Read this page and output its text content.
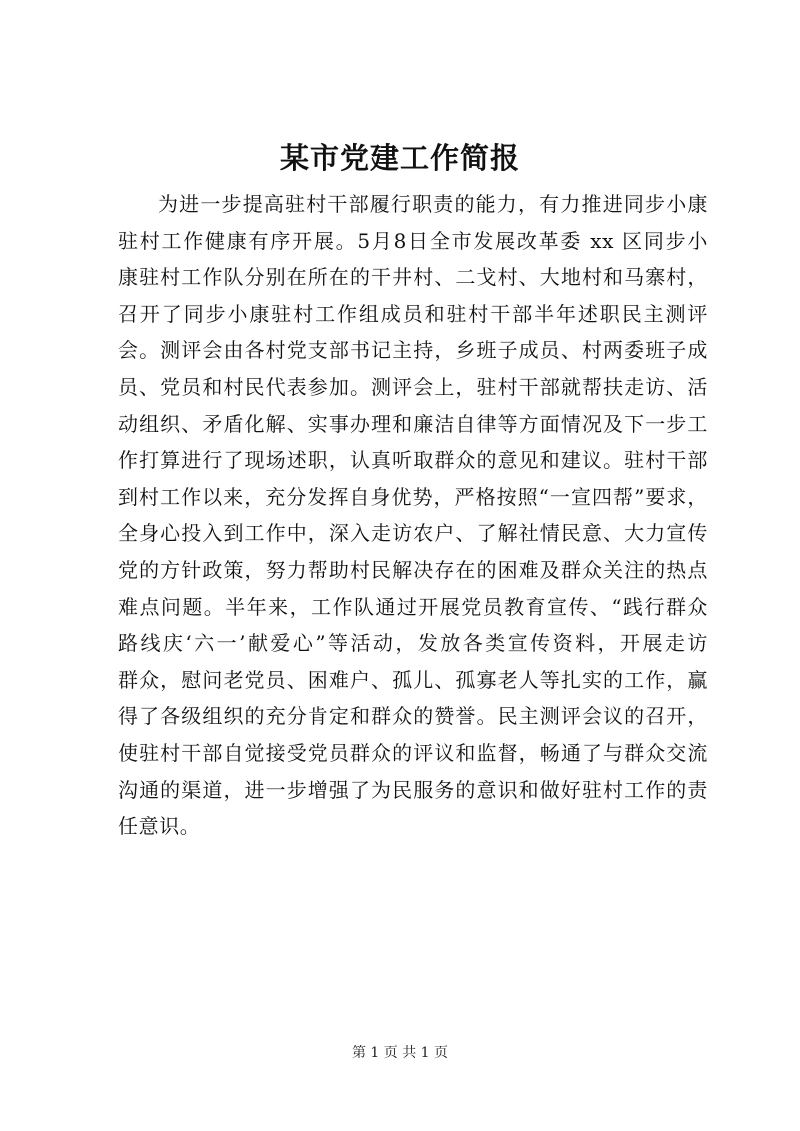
某市党建工作简报
为进一步提高驻村干部履行职责的能力，有力推进同步小康
驻村工作健康有序开展。5月8日全市发展改革委 xx 区同步小
康驻村工作队分别在所在的干井村、二戈村、大地村和马寨村，
召开了同步小康驻村工作组成员和驻村干部半年述职民主测评
会。测评会由各村党支部书记主持，乡班子成员、村两委班子成
员、党员和村民代表参加。测评会上，驻村干部就帮扶走访、活
动组织、矛盾化解、实事办理和廉洁自律等方面情况及下一步工
作打算进行了现场述职，认真听取群众的意见和建议。驻村干部
到村工作以来，充分发挥自身优势，严格按照“一宣四帮”要求，
全身心投入到工作中，深入走访农户、了解社情民意、大力宣传
党的方针政策，努力帮助村民解决存在的困难及群众关注的热点
难点问题。半年来，工作队通过开展党员教育宣传、“践行群众
路线庆‘六一’献爱心”等活动，发放各类宣传资料，开展走访
群众，慰问老党员、困难户、孤儿、孤寡老人等扎实的工作，赢
得了各级组织的充分肯定和群众的赞誉。民主测评会议的召开，
使驻村干部自觉接受党员群众的评议和监督，畅通了与群众交流
沟通的渠道，进一步增强了为民服务的意识和做好驻村工作的责
任意识。
第 1 页 共 1 页
